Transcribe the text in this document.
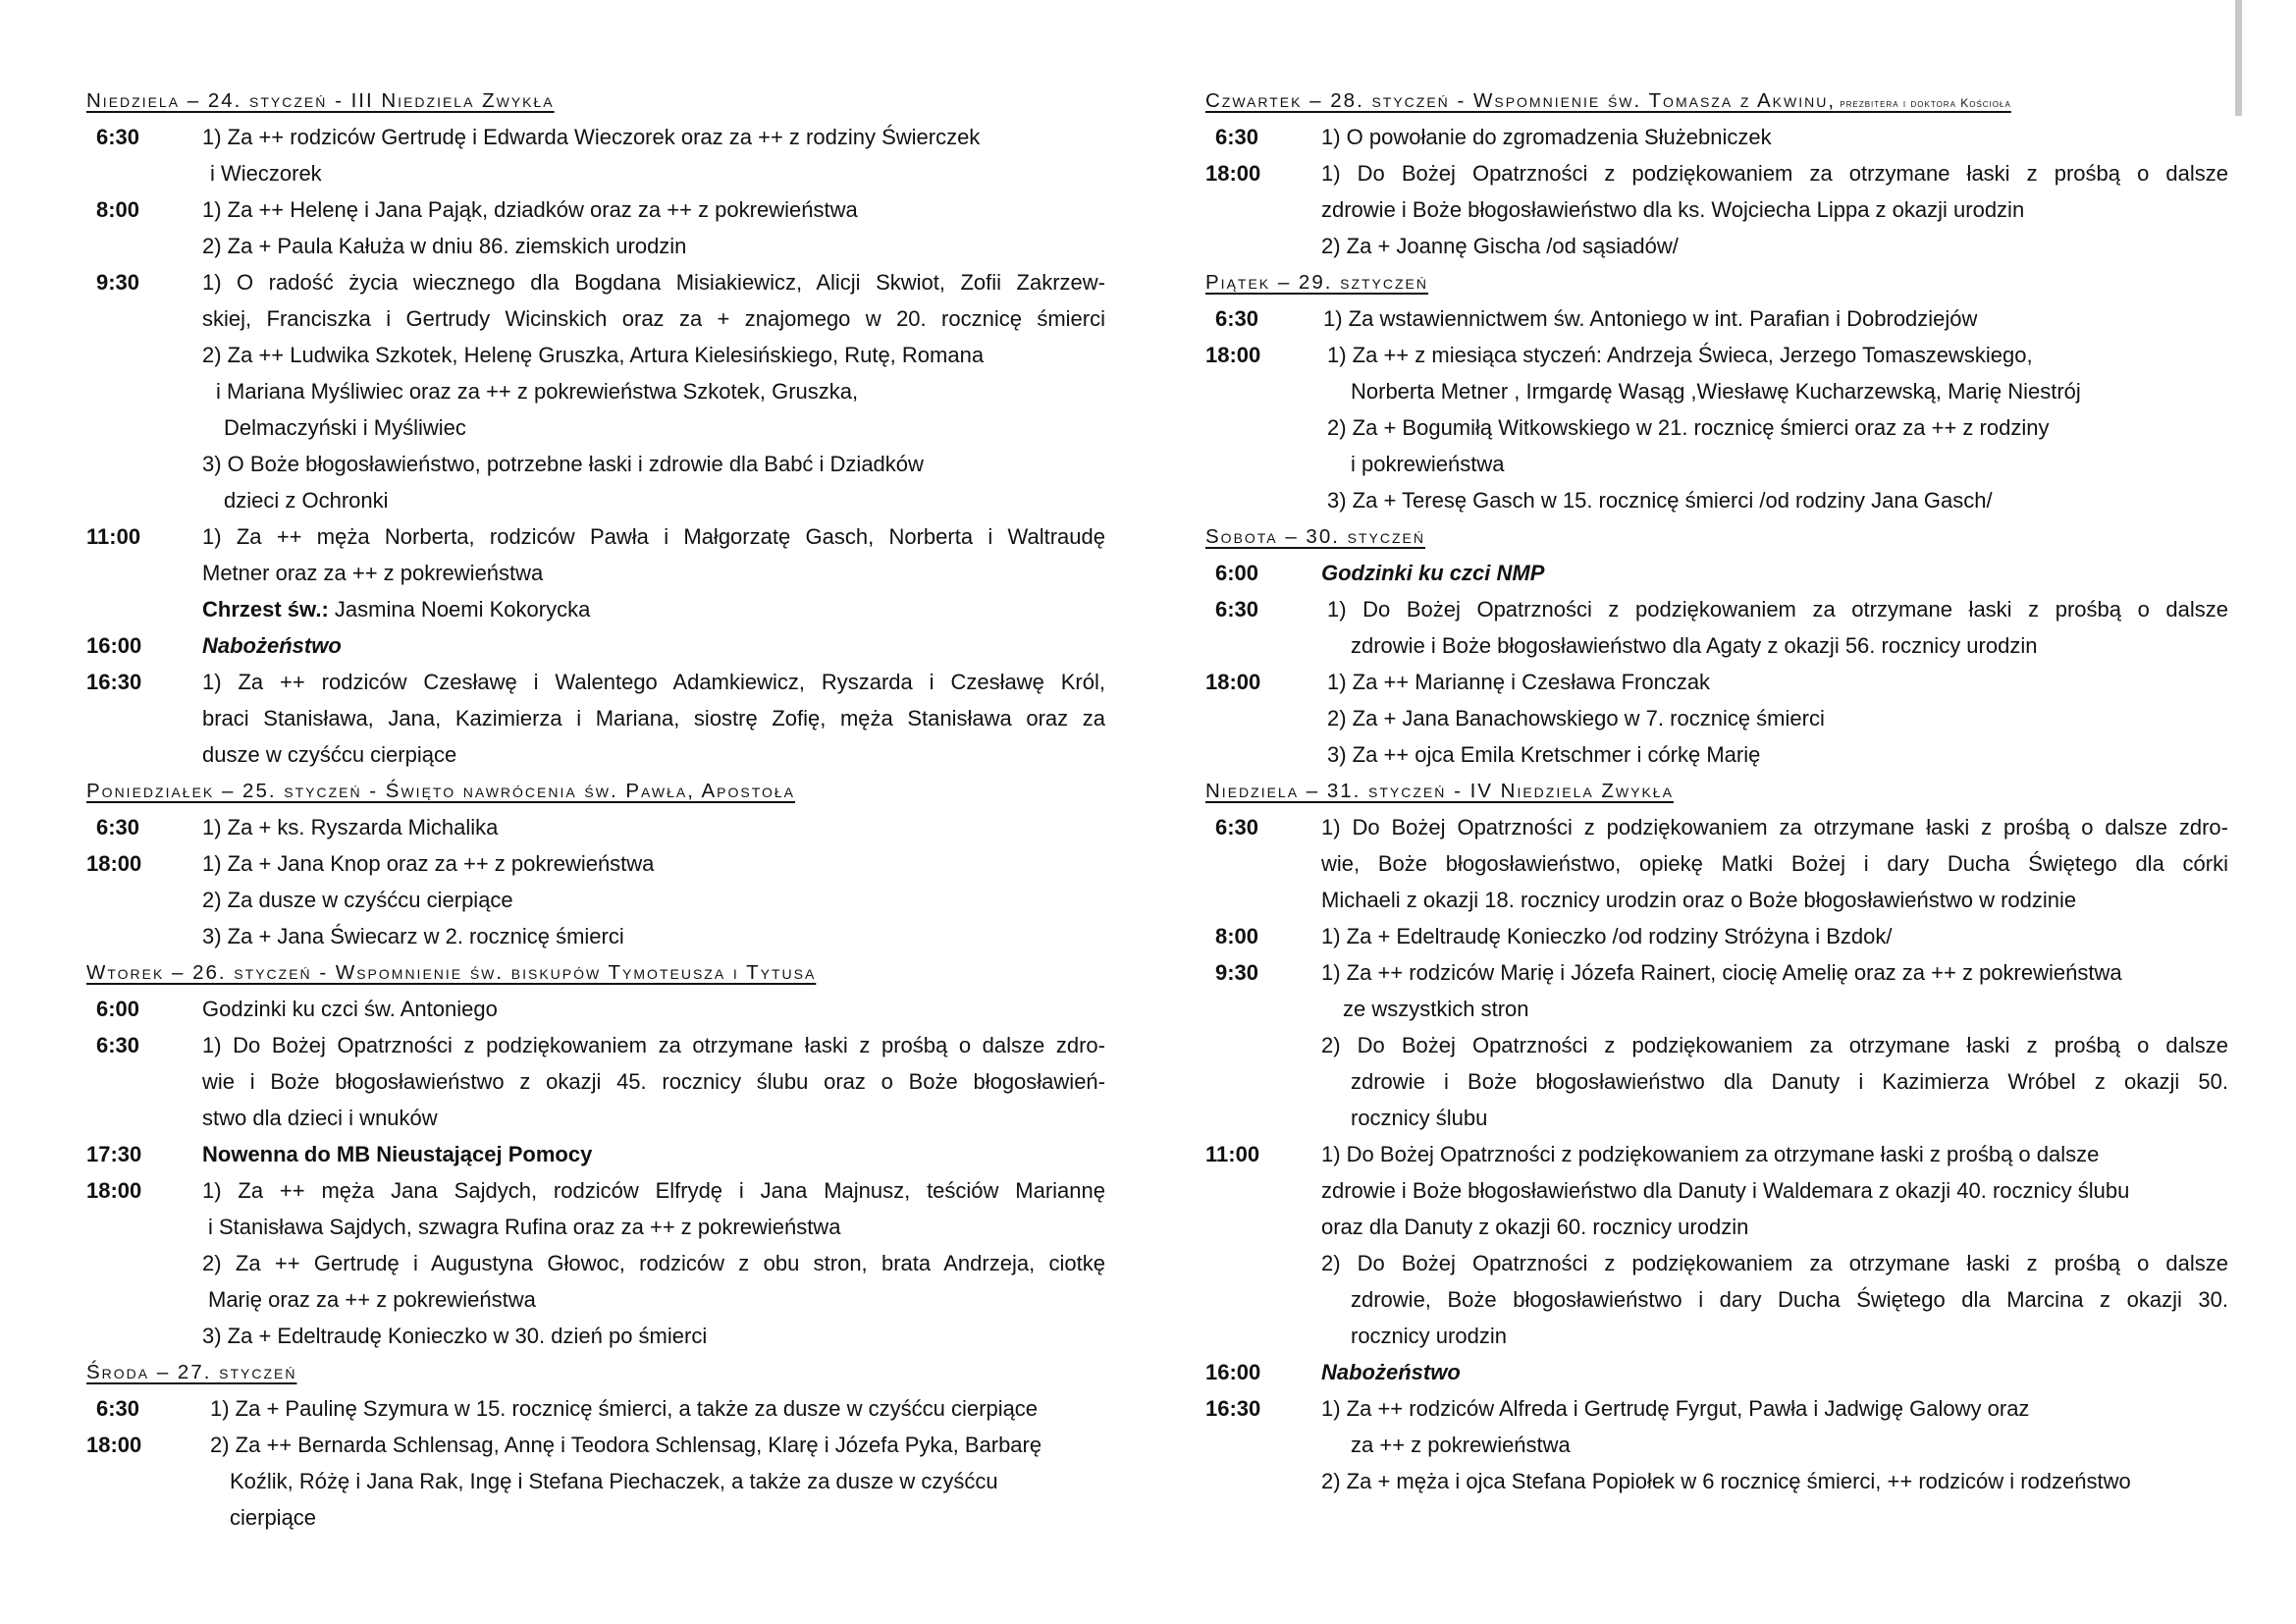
Niedziela – 24. styczeń - III Niedziela Zwykła
6:30	1) Za ++ rodziców Gertrudę i Edwarda Wieczorek oraz za ++ z rodziny Świerczek
i Wieczorek
8:00	1) Za ++ Helenę i Jana Pająk, dziadków oraz za ++ z pokrewieństwa
2) Za + Paula Kałuża w dniu 86. ziemskich urodzin
9:30	1) O radość życia wiecznego dla Bogdana Misiakiewicz, Alicji Skwiot, Zofii Zakrzew-
skiej, Franciszka i Gertrudy Wicinskich oraz za + znajomego w 20. rocznicę śmierci
2) Za ++ Ludwika Szkotek, Helenę Gruszka, Artura Kielesińskiego, Rutę, Romana
i Mariana Myśliwiec oraz za ++ z pokrewieństwa Szkotek, Gruszka,
Delmaczyński i Myśliwiec
3) O Boże błogosławieństwo, potrzebne łaski i zdrowie dla Babć i Dziadków
dzieci z Ochronki
11:00	1) Za ++ męża Norberta, rodziców Pawła i Małgorzatę Gasch, Norberta i Waltraudę
Metner oraz za ++ z pokrewieństwa
Chrzest św.: Jasmina Noemi Kokorycka
16:00	Nabożeństwo
16:30	1) Za ++ rodziców Czesławę i Walentego Adamkiewicz, Ryszarda i Czesławę Król,
braci Stanisława, Jana, Kazimierza i Mariana, siostrę Zofię, męża Stanisława oraz za
dusze w czyśćcu cierpiące
Poniedziałek – 25. styczeń - Święto nawrócenia św. Pawła, Apostoła
6:30	1) Za + ks. Ryszarda Michalika
18:00	1) Za + Jana Knop oraz za ++ z pokrewieństwa
2) Za dusze w czyśćcu cierpiące
3) Za + Jana Świecarz w 2. rocznicę śmierci
Wtorek – 26. styczeń - Wspomnienie św. biskupów Tymoteusza i Tytusa
6:00	Godzinki ku czci św. Antoniego
6:30	1) Do Bożej Opatrzności z podziękowaniem za otrzymane łaski z prośbą o dalsze zdro-
wie i Boże błogosławieństwo z okazji 45. rocznicy ślubu oraz o Boże błogosławień-
stwo dla dzieci i wnuków
17:30	Nowenna do MB Nieustającej Pomocy
18:00	1) Za ++ męża Jana Sajdych, rodziców Elfrydę i Jana Majnusz, teściów Mariannę
i Stanisława Sajdych, szwagra Rufina oraz za ++ z pokrewieństwa
2) Za ++ Gertrudę i Augustyna Głowoc, rodziców z obu stron, brata Andrzeja, ciotkę
Marię oraz za ++ z pokrewieństwa
3) Za + Edeltraudę Konieczko w 30. dzień po śmierci
Środa – 27. styczeń
6:30	1) Za + Paulinę Szymura w 15. rocznicę śmierci, a także za dusze w czyśćcu cierpiące
18:00	2) Za ++ Bernarda Schlensag, Annę i Teodora Schlensag, Klarę i Józefa Pyka, Barbarę
Koźlik, Różę i Jana Rak, Ingę i Stefana Piechaczek, a także za dusze w czyśćcu
cierpiące
Czwartek – 28. styczeń - Wspomnienie św. Tomasza z Akwinu, prezbitera i doktora Kościoła
6:30	1) O powołanie do zgromadzenia Służebniczek
18:00	1) Do Bożej Opatrzności z podziękowaniem za otrzymane łaski z prośbą o dalsze
zdrowie i Boże błogosławieństwo dla ks. Wojciecha Lippa z okazji urodzin
2) Za + Joannę Gischa /od sąsiadów/
Piątek – 29. sztyczeń
6:30	1) Za wstawiennictwem św. Antoniego w int. Parafian i Dobrodziejów
18:00	1) Za ++ z miesiąca styczeń: Andrzeja Świeca, Jerzego Tomaszewskiego,
Norberta Metner , Irmgardę Wasąg ,Wiesławę Kucharzewską, Marię Niestrój
2) Za + Bogumiłą Witkowskiego w 21. rocznicę śmierci oraz za ++ z rodziny
i pokrewieństwa
3) Za + Teresę Gasch w 15. rocznicę śmierci /od rodziny Jana Gasch/
Sobota – 30. styczeń
6:00	Godzinki ku czci NMP
6:30	1) Do Bożej Opatrzności z podziękowaniem za otrzymane łaski z prośbą o dalsze
zdrowie i Boże błogosławieństwo dla Agaty z okazji 56. rocznicy urodzin
18:00	1) Za ++ Mariannę i Czesława Fronczak
2) Za + Jana Banachowskiego w 7. rocznicę śmierci
3) Za ++ ojca Emila Kretschmer i córkę Marię
Niedziela – 31. styczeń - IV Niedziela Zwykła
6:30	1) Do Bożej Opatrzności z podziękowaniem za otrzymane łaski z prośbą o dalsze zdro-
wie, Boże błogosławieństwo, opiekę Matki Bożej i dary Ducha Świętego dla córki
Michaeli z okazji 18. rocznicy urodzin oraz o Boże błogosławieństwo w rodzinie
8:00	1) Za + Edeltraudę Konieczko /od rodziny Stróżyna i Bzdok/
9:30	1) Za ++ rodziców Marię i Józefa Rainert, ciocię Amelię oraz za ++ z pokrewieństwa
ze wszystkich stron
2) Do Bożej Opatrzności z podziękowaniem za otrzymane łaski z prośbą o dalsze
zdrowie i Boże błogosławieństwo dla Danuty i Kazimierza Wróbel z okazji 50.
rocznicy ślubu
11:00	1) Do Bożej Opatrzności z podziękowaniem za otrzymane łaski z prośbą o dalsze
zdrowie i Boże błogosławieństwo dla Danuty i Waldemara z okazji 40. rocznicy ślubu
oraz dla Danuty z okazji 60. rocznicy urodzin
2) Do Bożej Opatrzności z podziękowaniem za otrzymane łaski z prośbą o dalsze
zdrowie, Boże błogosławieństwo i dary Ducha Świętego dla Marcina z okazji 30.
rocznicy urodzin
16:00	Nabożeństwo
16:30	1) Za ++ rodziców Alfreda i Gertrudę Fyrgut, Pawła i Jadwigę Galowy oraz
za ++ z pokrewieństwa
2) Za + męża i ojca Stefana Popiołek w 6 rocznicę śmierci, ++ rodziców i rodzeństwo
